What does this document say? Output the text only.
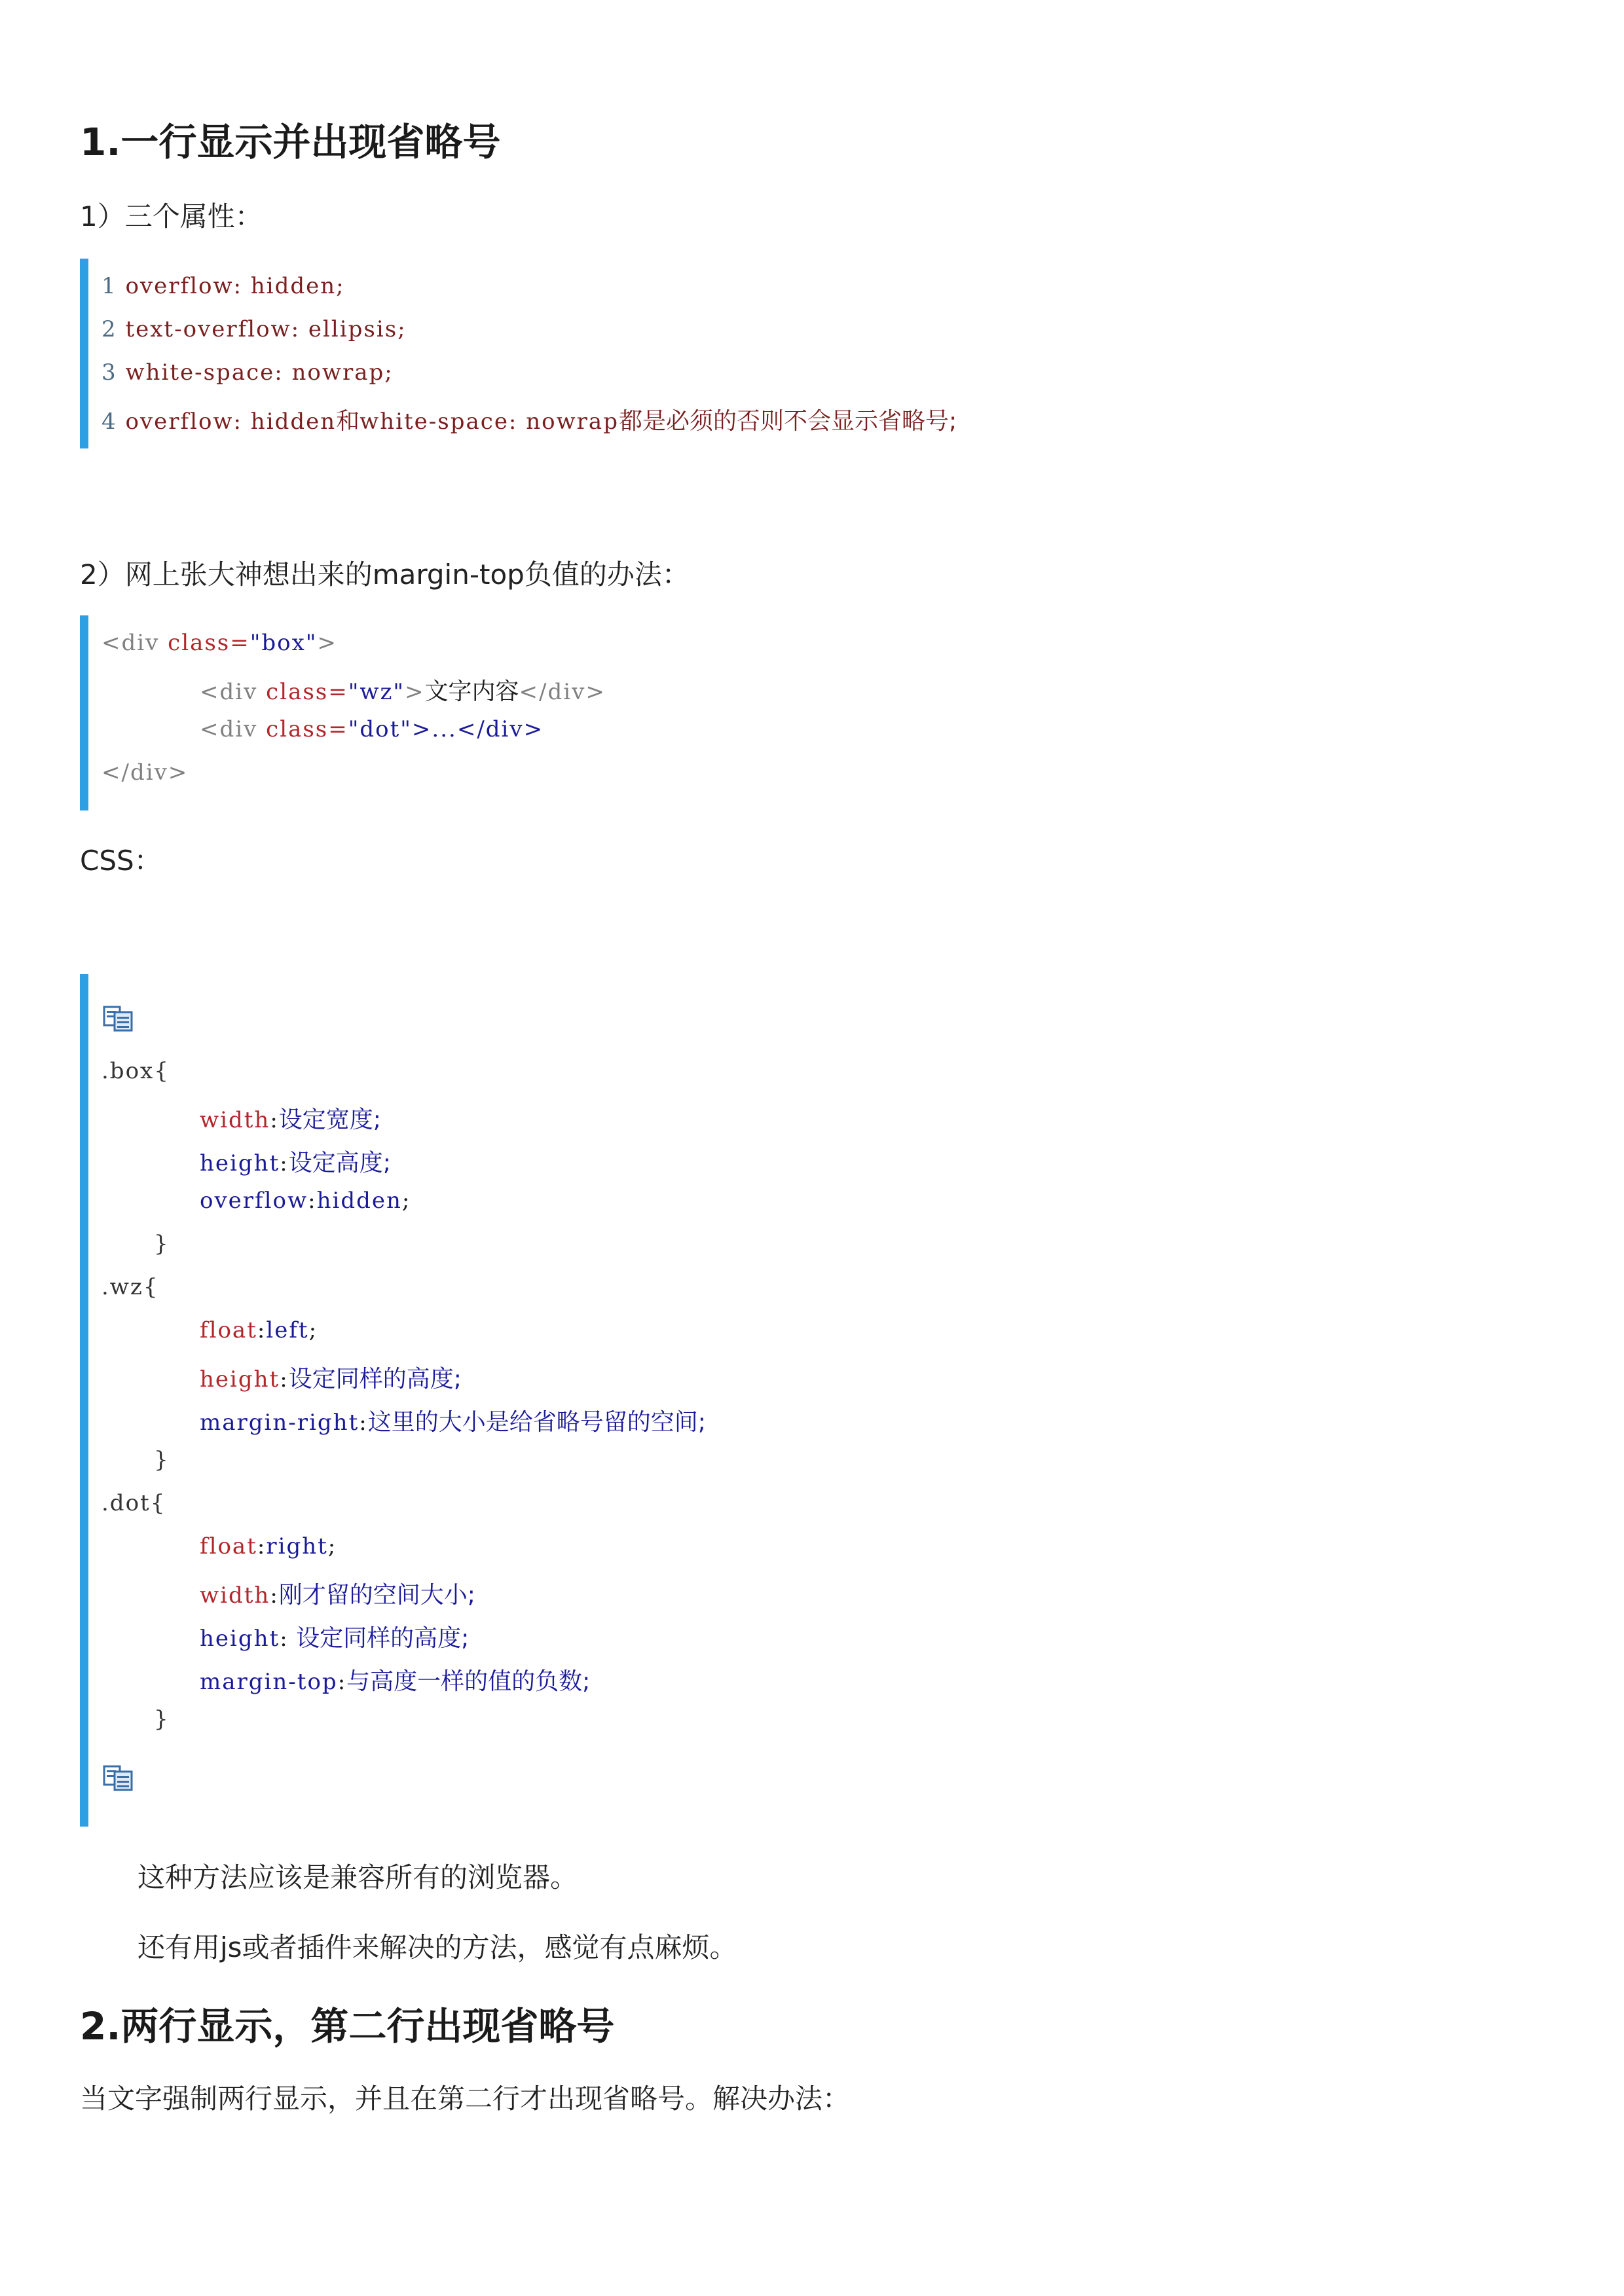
1.一行显示并出现省略号
1）三个属性：
1 overflow: hidden;
2 text-overflow: ellipsis;
3 white-space: nowrap;
4 overflow: hidden和white-space: nowrap都是必须的否则不会显示省略号;
2）网上张大神想出来的margin-top负值的办法：
<div class="box">
<div class="wz">文字内容</div>
<div class="dot">...</div>
</div>
CSS：
.box{
width:设定宽度;
height:设定高度;
overflow:hidden;
}
.wz{
float:left;
height:设定同样的高度;
margin-right:这里的大小是给省略号留的空间;
}
.dot{
float:right;
width:刚才留的空间大小;
height: 设定同样的高度;
margin-top:与高度一样的值的负数;
}
这种方法应该是兼容所有的浏览器。
还有用js或者插件来解决的方法，感觉有点麻烦。
2.两行显示，第二行出现省略号
当文字强制两行显示，并且在第二行才出现省略号。解决办法：
